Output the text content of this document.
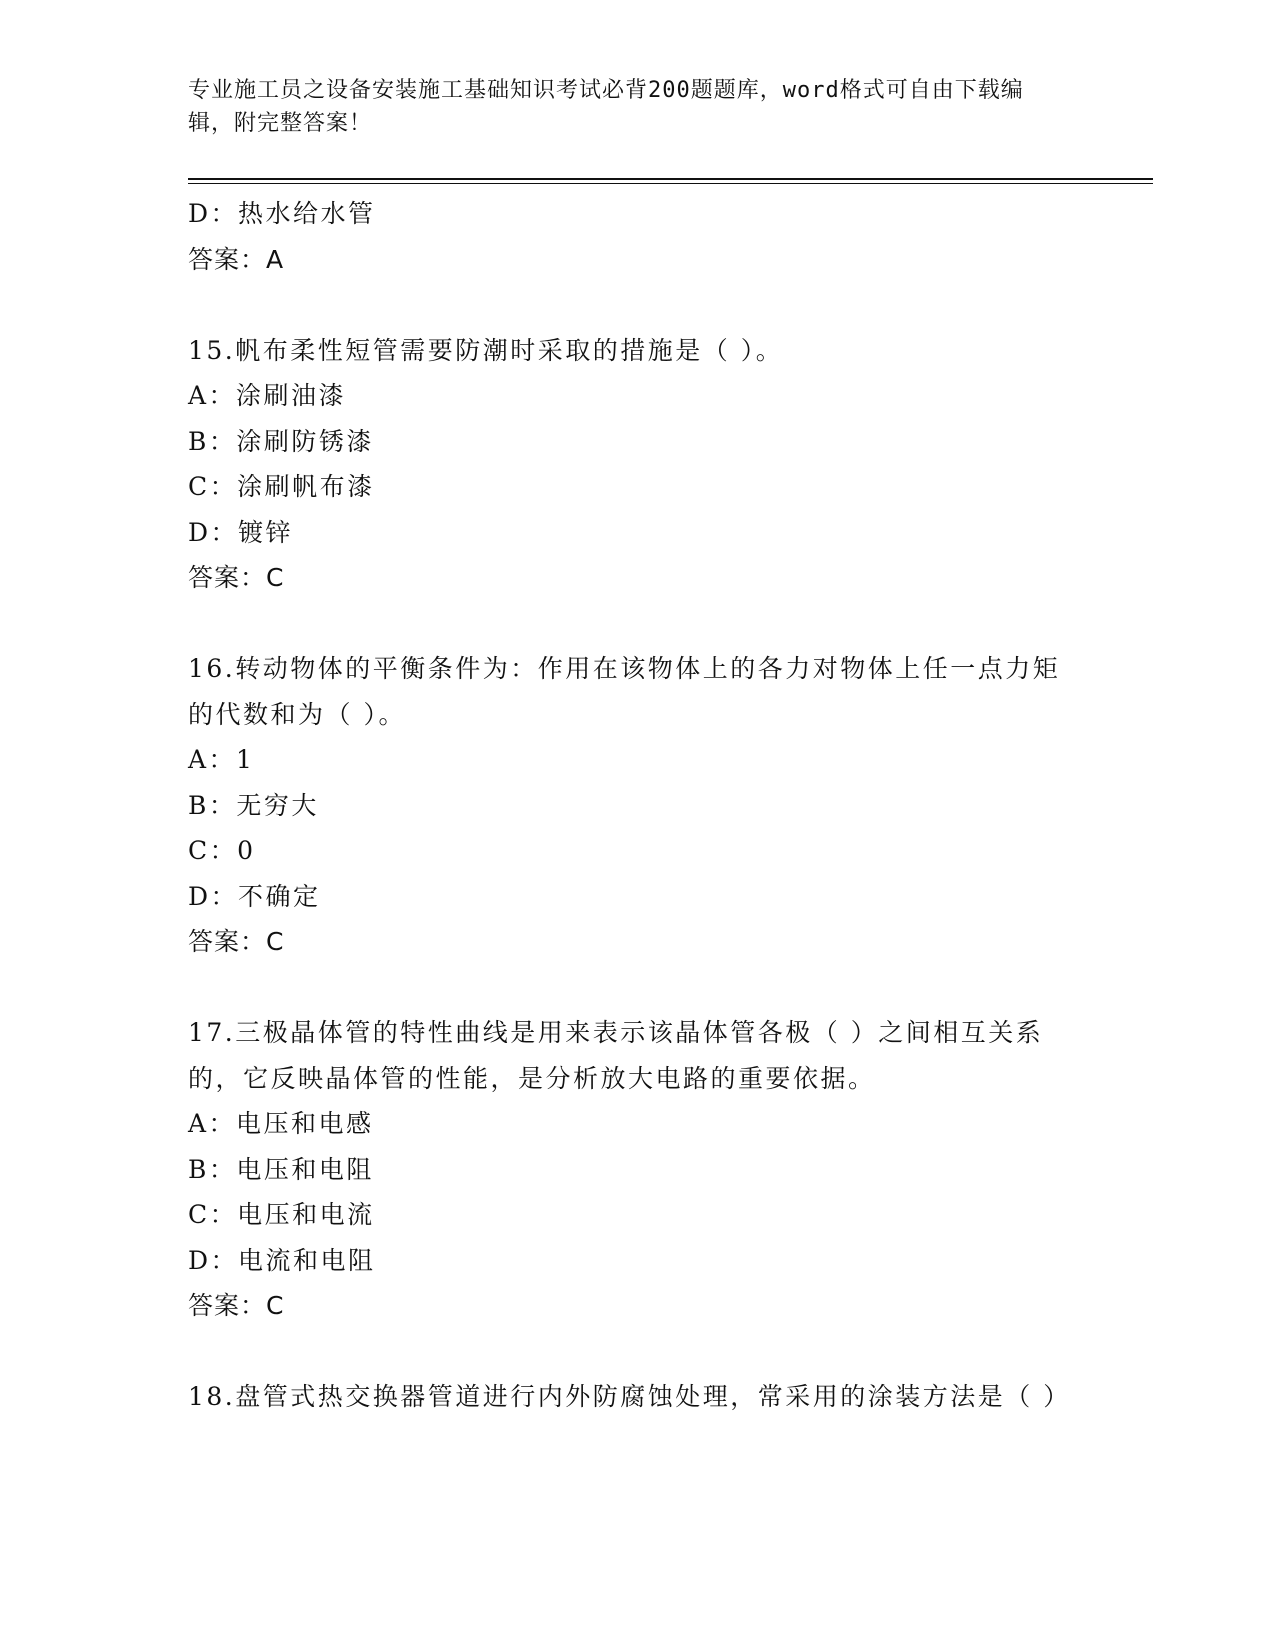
专业施工员之设备安装施工基础知识考试必背200题题库，word格式可自由下载编辑，附完整答案！
D：热水给水管
答案：A
15.帆布柔性短管需要防潮时采取的措施是（ ）。
A：涂刷油漆
B：涂刷防锈漆
C：涂刷帆布漆
D：镀锌
答案：C
16.转动物体的平衡条件为：作用在该物体上的各力对物体上任一点力矩的代数和为（ ）。
A：1
B：无穷大
C：0
D：不确定
答案：C
17.三极晶体管的特性曲线是用来表示该晶体管各极（ ）之间相互关系的，它反映晶体管的性能，是分析放大电路的重要依据。
A：电压和电感
B：电压和电阻
C：电压和电流
D：电流和电阻
答案：C
18.盘管式热交换器管道进行内外防腐蚀处理，常采用的涂装方法是（ ）
